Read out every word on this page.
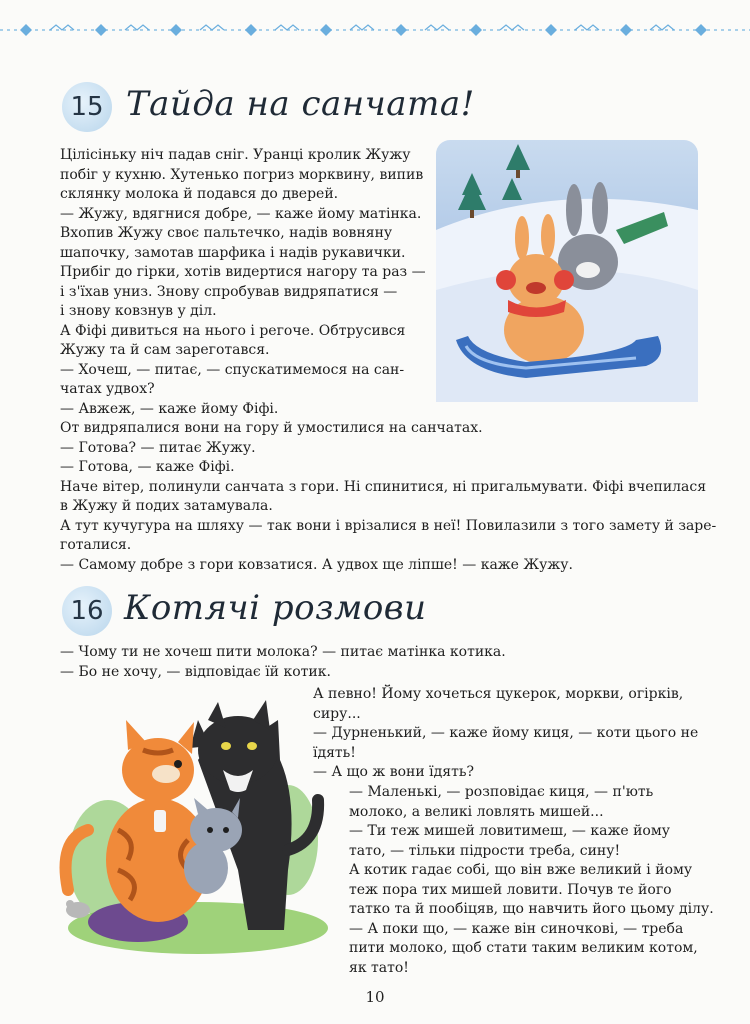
15 Тайда на санчата!
Цілісіньку ніч падав сніг. Уранці кролик Жужу
побіг у кухню. Хутенько погриз морквину, випив
склянку молока й подався до дверей.
— Жужу, вдягнися добре, — каже йому матінка.
Вхопив Жужу своє пальтечко, надів вовняну
шапочку, замотав шарфика і надів рукавички.
Прибіг до гірки, хотів видертися нагору та раз —
і з'їхав униз. Знову спробував видряпатися —
і знову ковзнув у діл.
А Фіфі дивиться на нього і регоче. Обтрусився
Жужу та й сам зареготався.
— Хочеш, — питає, — спускатимемося на сан-
чатах удвох?
— Авжеж, — каже йому Фіфі.
От видряпалися вони на гору й умостилися на санчатах.
— Готова? — питає Жужу.
— Готова, — каже Фіфі.
Наче вітер, полинули санчата з гори. Ні спинитися, ні пригальмувати. Фіфі вчепилася
в Жужу й подих затамувала.
А тут кучугура на шляху — так вони і врізалися в неї! Повилазили з того замету й заре-
готалися.
— Самому добре з гори ковзатися. А удвох ще ліпше! — каже Жужу.
16 Котячі розмови
— Чому ти не хочеш пити молока? — питає матінка котика.
— Бо не хочу, — відповідає їй котик.
А певно! Йому хочеться цукерок, моркви, огірків,
сиру...
— Дурненький, — каже йому киця, — коти цього не
їдять!
— А що ж вони їдять?
— Маленькі, — розповідає киця, — п'ють
молоко, а великі ловлять мишей...
— Ти теж мишей ловитимеш, — каже йому
тато, — тільки підрости треба, сину!
А котик гадає собі, що він вже великий і йому
теж пора тих мишей ловити. Почув те його
татко та й пообіцяв, що навчить його цьому ділу.
— А поки що, — каже він синочкові, — треба
пити молоко, щоб стати таким великим котом,
як тато!
10
